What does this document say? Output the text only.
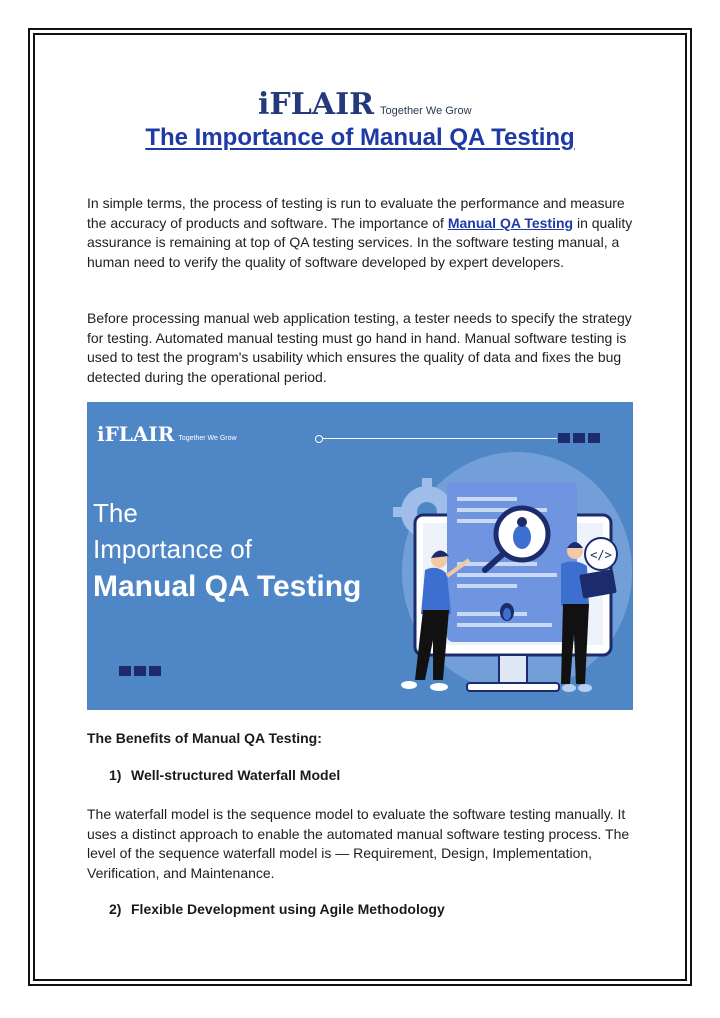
iFLAIR Together We Grow
The Importance of Manual QA Testing
In simple terms, the process of testing is run to evaluate the performance and measure the accuracy of products and software. The importance of Manual QA Testing in quality assurance is remaining at top of QA testing services. In the software testing manual, a human need to verify the quality of software developed by expert developers.
Before processing manual web application testing, a tester needs to specify the strategy for testing. Automated manual testing must go hand in hand. Manual software testing is used to test the program's usability which ensures the quality of data and fixes the bug detected during the operational period.
iFLAIR Together We Grow
The
Importance of
Manual QA Testing
</>
The Benefits of Manual QA Testing:
1) Well-structured Waterfall Model
The waterfall model is the sequence model to evaluate the software testing manually. It uses a distinct approach to enable the automated manual software testing process. The level of the sequence waterfall model is — Requirement, Design, Implementation, Verification, and Maintenance.
2) Flexible Development using Agile Methodology
